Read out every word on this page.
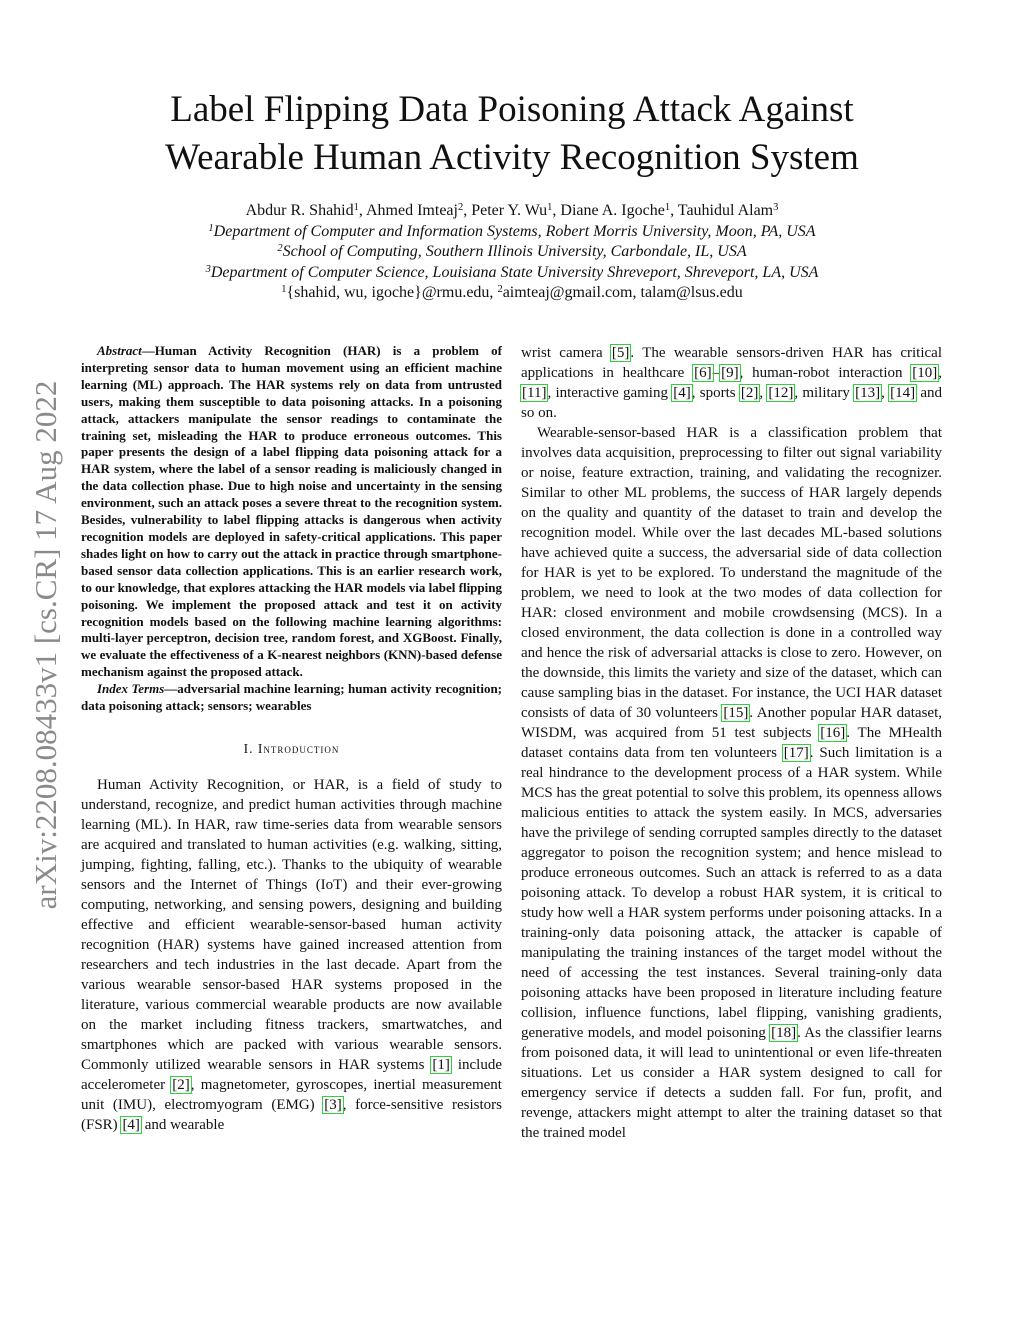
Label Flipping Data Poisoning Attack Against
Wearable Human Activity Recognition System
Abdur R. Shahid$^1$, Ahmed Imteaj$^2$, Peter Y. Wu$^1$, Diane A. Igoche$^1$, Tauhidul Alam$^3$
$^1$Department of Computer and Information Systems, Robert Morris University, Moon, PA, USA
$^2$School of Computing, Southern Illinois University, Carbondale, IL, USA
$^3$Department of Computer Science, Louisiana State University Shreveport, Shreveport, LA, USA
$^1${shahid, wu, igoche}@rmu.edu, $^2$aimteaj@gmail.com, talam@lsus.edu
arXiv:2208.08433v1 [cs.CR] 17 Aug 2022

Abstract—Human Activity Recognition (HAR) is a problem of interpreting sensor data to human movement using an efficient machine learning (ML) approach. The HAR systems rely on data from untrusted users, making them susceptible to data poisoning attacks. In a poisoning attack, attackers manipulate the sensor readings to contaminate the training set, misleading the HAR to produce erroneous outcomes. This paper presents the design of a label flipping data poisoning attack for a HAR system, where the label of a sensor reading is maliciously changed in the data collection phase. Due to high noise and uncertainty in the sensing environment, such an attack poses a severe threat to the recognition system. Besides, vulnerability to label flipping attacks is dangerous when activity recognition models are deployed in safety-critical applications. This paper shades light on how to carry out the attack in practice through smartphone-based sensor data collection applications. This is an earlier research work, to our knowledge, that explores attacking the HAR models via label flipping poisoning. We implement the proposed attack and test it on activity recognition models based on the following machine learning algorithms: multi-layer perceptron, decision tree, random forest, and XGBoost. Finally, we evaluate the effectiveness of a K-nearest neighbors (KNN)-based defense mechanism against the proposed attack.

Index Terms—adversarial machine learning; human activity recognition; data poisoning attack; sensors; wearables

I. Introduction

Human Activity Recognition, or HAR, is a field of study to understand, recognize, and predict human activities through machine learning (ML). In HAR, raw time-series data from wearable sensors are acquired and translated to human activities (e.g. walking, sitting, jumping, fighting, falling, etc.). Thanks to the ubiquity of wearable sensors and the Internet of Things (IoT) and their ever-growing computing, networking, and sensing powers, designing and building effective and efficient wearable-sensor-based human activity recognition (HAR) systems have gained increased attention from researchers and tech industries in the last decade. Apart from the various wearable sensor-based HAR systems proposed in the literature, various commercial wearable products are now available on the market including fitness trackers, smartwatches, and smartphones which are packed with various wearable sensors. Commonly utilized wearable sensors in HAR systems [1] include accelerometer [2], magnetometer, gyroscopes, inertial measurement unit (IMU), electromyogram (EMG) [3], force-sensitive resistors (FSR) [4] and wearable

wrist camera [5]. The wearable sensors-driven HAR has critical applications in healthcare [6]–[9], human-robot interaction [10], [11], interactive gaming [4], sports [2], [12], military [13], [14] and so on.

Wearable-sensor-based HAR is a classification problem that involves data acquisition, preprocessing to filter out signal variability or noise, feature extraction, training, and validating the recognizer. Similar to other ML problems, the success of HAR largely depends on the quality and quantity of the dataset to train and develop the recognition model. While over the last decades ML-based solutions have achieved quite a success, the adversarial side of data collection for HAR is yet to be explored. To understand the magnitude of the problem, we need to look at the two modes of data collection for HAR: closed environment and mobile crowdsensing (MCS). In a closed environment, the data collection is done in a controlled way and hence the risk of adversarial attacks is close to zero. However, on the downside, this limits the variety and size of the dataset, which can cause sampling bias in the dataset. For instance, the UCI HAR dataset consists of data of 30 volunteers [15]. Another popular HAR dataset, WISDM, was acquired from 51 test subjects [16]. The MHealth dataset contains data from ten volunteers [17]. Such limitation is a real hindrance to the development process of a HAR system. While MCS has the great potential to solve this problem, its openness allows malicious entities to attack the system easily. In MCS, adversaries have the privilege of sending corrupted samples directly to the dataset aggregator to poison the recognition system; and hence mislead to produce erroneous outcomes. Such an attack is referred to as a data poisoning attack. To develop a robust HAR system, it is critical to study how well a HAR system performs under poisoning attacks. In a training-only data poisoning attack, the attacker is capable of manipulating the training instances of the target model without the need of accessing the test instances. Several training-only data poisoning attacks have been proposed in literature including feature collision, influence functions, label flipping, vanishing gradients, generative models, and model poisoning [18]. As the classifier learns from poisoned data, it will lead to unintentional or even life-threaten situations. Let us consider a HAR system designed to call for emergency service if detects a sudden fall. For fun, profit, and revenge, attackers might attempt to alter the training dataset so that the trained model
